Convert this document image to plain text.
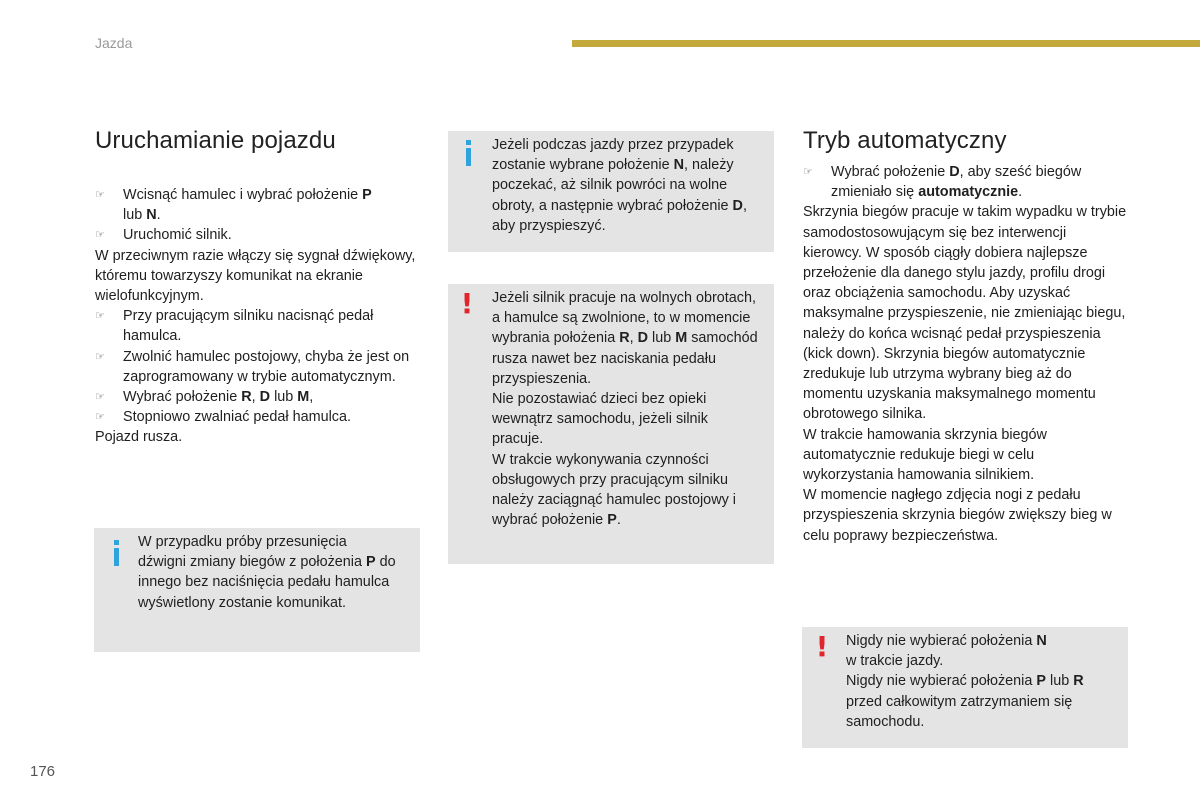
Jazda
Uruchamianie pojazdu
☞ Wcisnąć hamulec i wybrać położenie P
lub N.
☞ Uruchomić silnik.

W przeciwnym razie włączy się sygnał dźwiękowy, któremu towarzyszy komunikat na ekranie wielofunkcyjnym.

☞ Przy pracującym silniku nacisnąć pedał hamulca.
☞ Zwolnić hamulec postojowy, chyba że jest on zaprogramowany w trybie automatycznym.
☞ Wybrać położenie R, D lub M,
☞ Stopniowo zwalniać pedał hamulca.

Pojazd rusza.

W przypadku próby przesunięcia dźwigni zmiany biegów z położenia P do innego bez naciśnięcia pedału hamulca wyświetlony zostanie komunikat.

Jeżeli podczas jazdy przez przypadek zostanie wybrane położenie N, należy poczekać, aż silnik powróci na wolne obroty, a następnie wybrać położenie D, aby przyspieszyć.

! Jeżeli silnik pracuje na wolnych obrotach, a hamulce są zwolnione, to w momencie wybrania położenia R, D lub M samochód rusza nawet bez naciskania pedału przyspieszenia.

Nie pozostawiać dzieci bez opieki wewnątrz samochodu, jeżeli silnik pracuje.

W trakcie wykonywania czynności obsługowych przy pracującym silniku należy zaciągnąć hamulec postojowy i wybrać położenie P.

Tryb automatyczny
☞ Wybrać położenie D, aby sześć biegów zmieniało się automatycznie.

Skrzynia biegów pracuje w takim wypadku w trybie samodostosowującym się bez interwencji kierowcy. W sposób ciągły dobiera najlepsze przełożenie dla danego stylu jazdy, profilu drogi oraz obciążenia samochodu. Aby uzyskać maksymalne przyspieszenie, nie zmieniając biegu, należy do końca wcisnąć pedał przyspieszenia (kick down). Skrzynia biegów automatycznie zredukuje lub utrzyma wybrany bieg aż do momentu uzyskania maksymalnego momentu obrotowego silnika.

W trakcie hamowania skrzynia biegów automatycznie redukuje biegi w celu wykorzystania hamowania silnikiem.

W momencie nagłego zdjęcia nogi z pedału przyspieszenia skrzynia biegów zwiększy bieg w celu poprawy bezpieczeństwa.

! Nigdy nie wybierać położenia N
w trakcie jazdy.

Nigdy nie wybierać położenia P lub R przed całkowitym zatrzymaniem się samochodu.

176
